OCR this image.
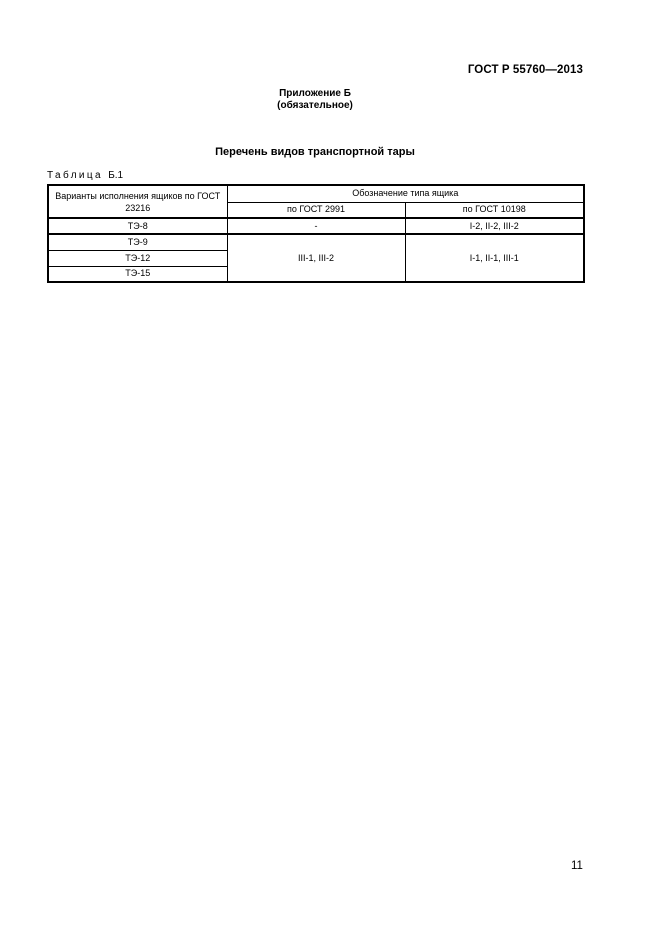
ГОСТ Р 55760—2013
Приложение Б
(обязательное)
Перечень видов транспортной тары
Таблица Б.1
Варианты исполнения ящиков по ГОСТ 23216	Обозначение типа ящика	
	по ГОСТ 2991	по ГОСТ 10198
ТЭ-8	-	I-2, II-2, III-2
ТЭ-9	III-1, III-2	I-1, II-1, III-1
ТЭ-12		
ТЭ-15		
11
